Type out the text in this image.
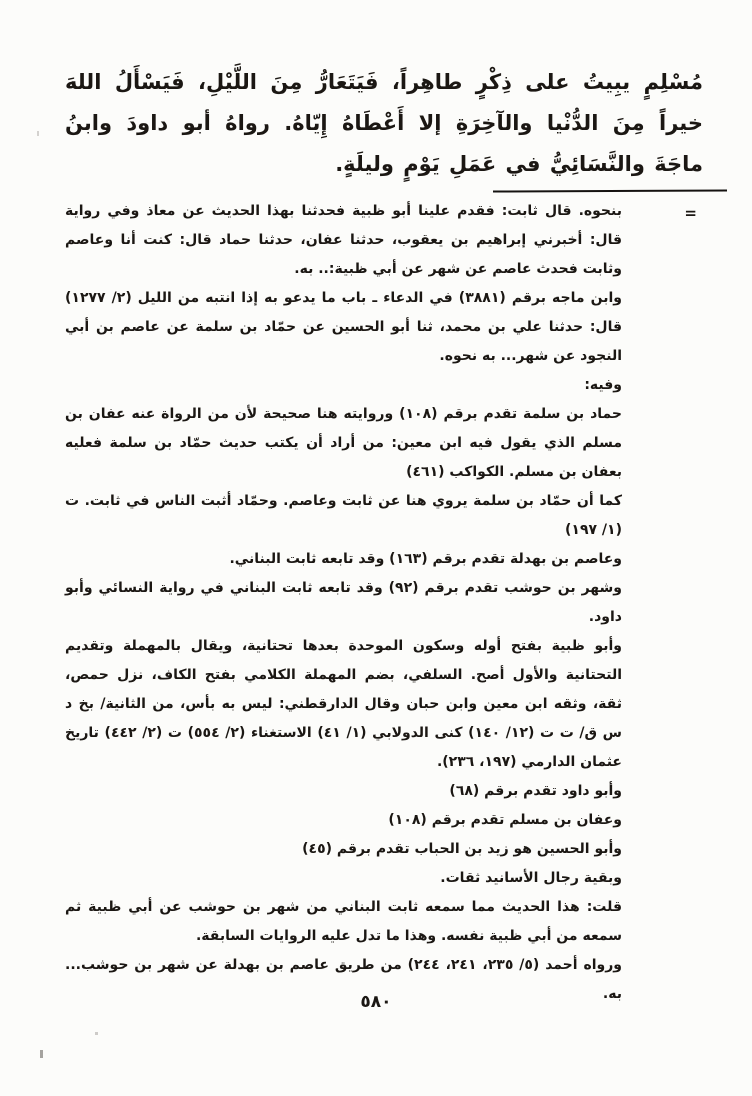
مُسْلِمٍ يبِيتُ على ذِكْرٍ طاهِراً، فَيَتَعَارُّ مِنَ اللَّيْلِ، فَيَسْأَلُ اللهَ خيراً مِنَ الدُّنْيا والآخِرَةِ إلا أَعْطَاهُ إِيّاهُ. رواهُ أبو داودَ وابنُ ماجَةَ والنَّسَائِيُّ في عَمَلِ يَوْمٍ وليلَةٍ.
=

بنحوه. قال ثابت: فقدم علينا أبو ظبية فحدثنا بهذا الحديث عن معاذ وفي رواية قال: أخبرني إبراهيم بن يعقوب، حدثنا عفان، حدثنا حماد قال: كنت أنا وعاصم وثابت فحدث عاصم عن شهر عن أبي ظبية:.. به.

وابن ماجه برقم (٣٨٨١) في الدعاء ـ باب ما يدعو به إذا انتبه من الليل (٢/ ١٢٧٧) قال: حدثنا علي بن محمد، ثنا أبو الحسين عن حمّاد بن سلمة عن عاصم بن أبي النجود عن شهر... به نحوه.

وفيه:

حماد بن سلمة تقدم برقم (١٠٨) وروايته هنا صحيحة لأن من الرواة عنه عفان بن مسلم الذي يقول فيه ابن معين: من أراد أن يكتب حديث حمّاد بن سلمة فعليه بعفان بن مسلم. الكواكب (٤٦١)

كما أن حمّاد بن سلمة يروي هنا عن ثابت وعاصم. وحمّاد أثبت الناس في ثابت. ت (١/ ١٩٧)

وعاصم بن بهدلة تقدم برقم (١٦٣) وقد تابعه ثابت البناني.

وشهر بن حوشب تقدم برقم (٩٢) وقد تابعه ثابت البناني في رواية النسائي وأبو داود.

وأبو ظبية بفتح أوله وسكون الموحدة بعدها تحتانية، ويقال بالمهملة وتقديم التحتانية والأول أصح. السلفي، بضم المهملة الكلامي بفتح الكاف، نزل حمص، ثقة، وثقه ابن معين وابن حبان وقال الدارقطني: ليس به بأس، من الثانية/ بخ د س ق/ ت ت (١٢/ ١٤٠) كنى الدولابي (١/ ٤١) الاستغناء (٢/ ٥٥٤) ت (٢/ ٤٤٢) تاريخ عثمان الدارمي (١٩٧، ٢٣٦).

وأبو داود تقدم برقم (٦٨)

وعفان بن مسلم تقدم برقم (١٠٨)

وأبو الحسين هو زيد بن الحباب تقدم برقم (٤٥)

وبقية رجال الأسانيد ثقات.

قلت: هذا الحديث مما سمعه ثابت البناني من شهر بن حوشب عن أبي ظبية ثم سمعه من أبي ظبية نفسه. وهذا ما تدل عليه الروايات السابقة.

ورواه أحمد (٥/ ٢٣٥، ٢٤١، ٢٤٤) من طريق عاصم بن بهدلة عن شهر بن حوشب... به.

٥٨٠
